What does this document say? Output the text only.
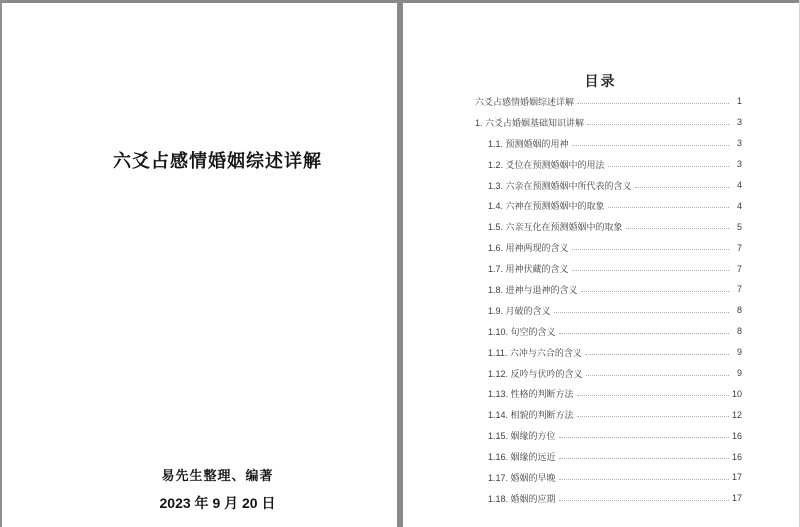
六爻占感情婚姻综述详解

易先生整理、编著

2023 年 9 月 20 日

目录
六爻占感情婚姻综述详解	1
1. 六爻占婚姻基础知识讲解	3
1.1. 预测婚姻的用神	3
1.2. 爻位在预测婚姻中的用法	3
1.3. 六亲在预测婚姻中所代表的含义	4
1.4. 六神在预测婚姻中的取象	4
1.5. 六亲互化在预测婚姻中的取象	5
1.6. 用神两现的含义	7
1.7. 用神伏藏的含义	7
1.8. 进神与退神的含义	7
1.9. 月破的含义	8
1.10. 旬空的含义	8
1.11. 六冲与六合的含义	9
1.12. 反吟与伏吟的含义	9
1.13. 性格的判断方法	10
1.14. 相貌的判断方法	12
1.15. 姻缘的方位	16
1.16. 姻缘的远近	16
1.17. 婚姻的早晚	17
1.18. 婚姻的应期	17
